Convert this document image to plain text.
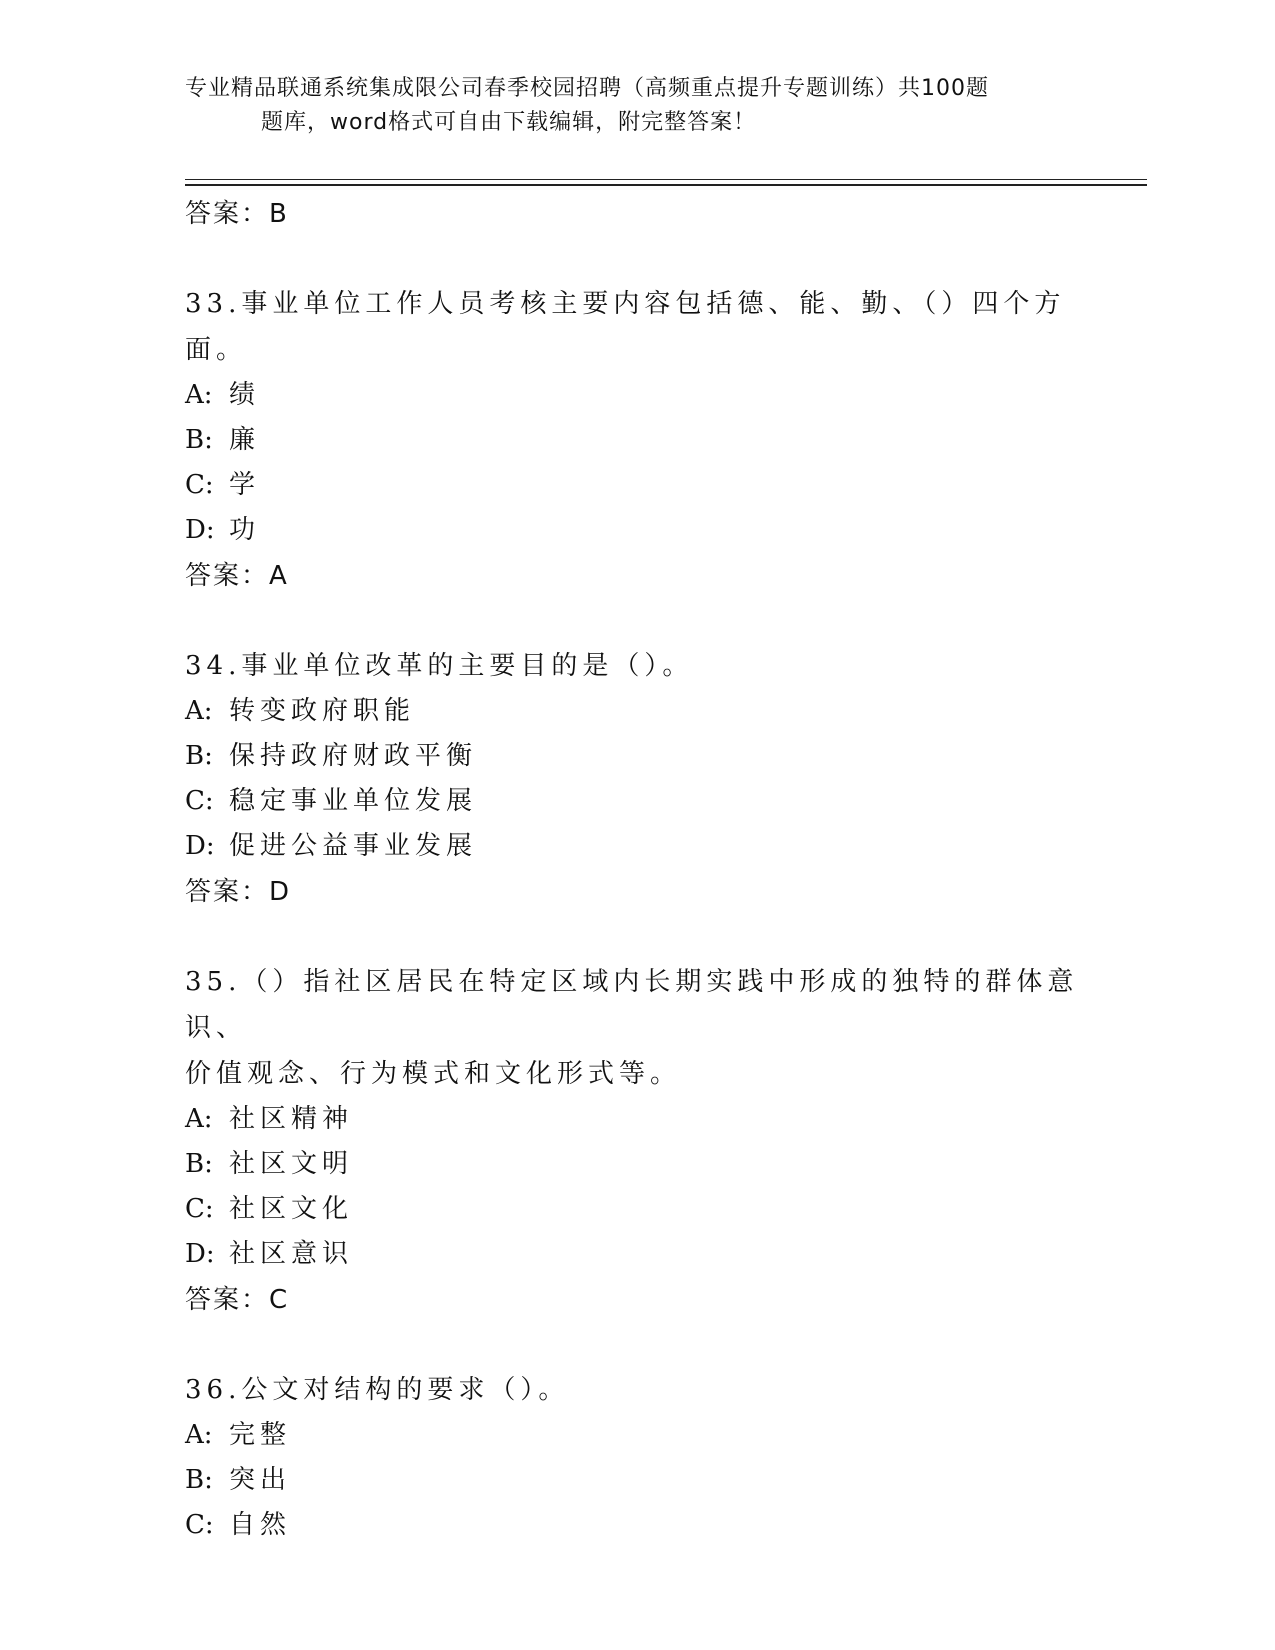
专业精品联通系统集成限公司春季校园招聘（高频重点提升专题训练）共100题
题库，word格式可自由下载编辑，附完整答案！
答案：B
33.事业单位工作人员考核主要内容包括德、能、勤、（）四个方面。
A: 绩
B: 廉
C: 学
D: 功
答案：A
34.事业单位改革的主要目的是（）。
A: 转变政府职能
B: 保持政府财政平衡
C: 稳定事业单位发展
D: 促进公益事业发展
答案：D
35.（）指社区居民在特定区域内长期实践中形成的独特的群体意识、
价值观念、行为模式和文化形式等。
A: 社区精神
B: 社区文明
C: 社区文化
D: 社区意识
答案：C
36.公文对结构的要求（）。
A: 完整
B: 突出
C: 自然
